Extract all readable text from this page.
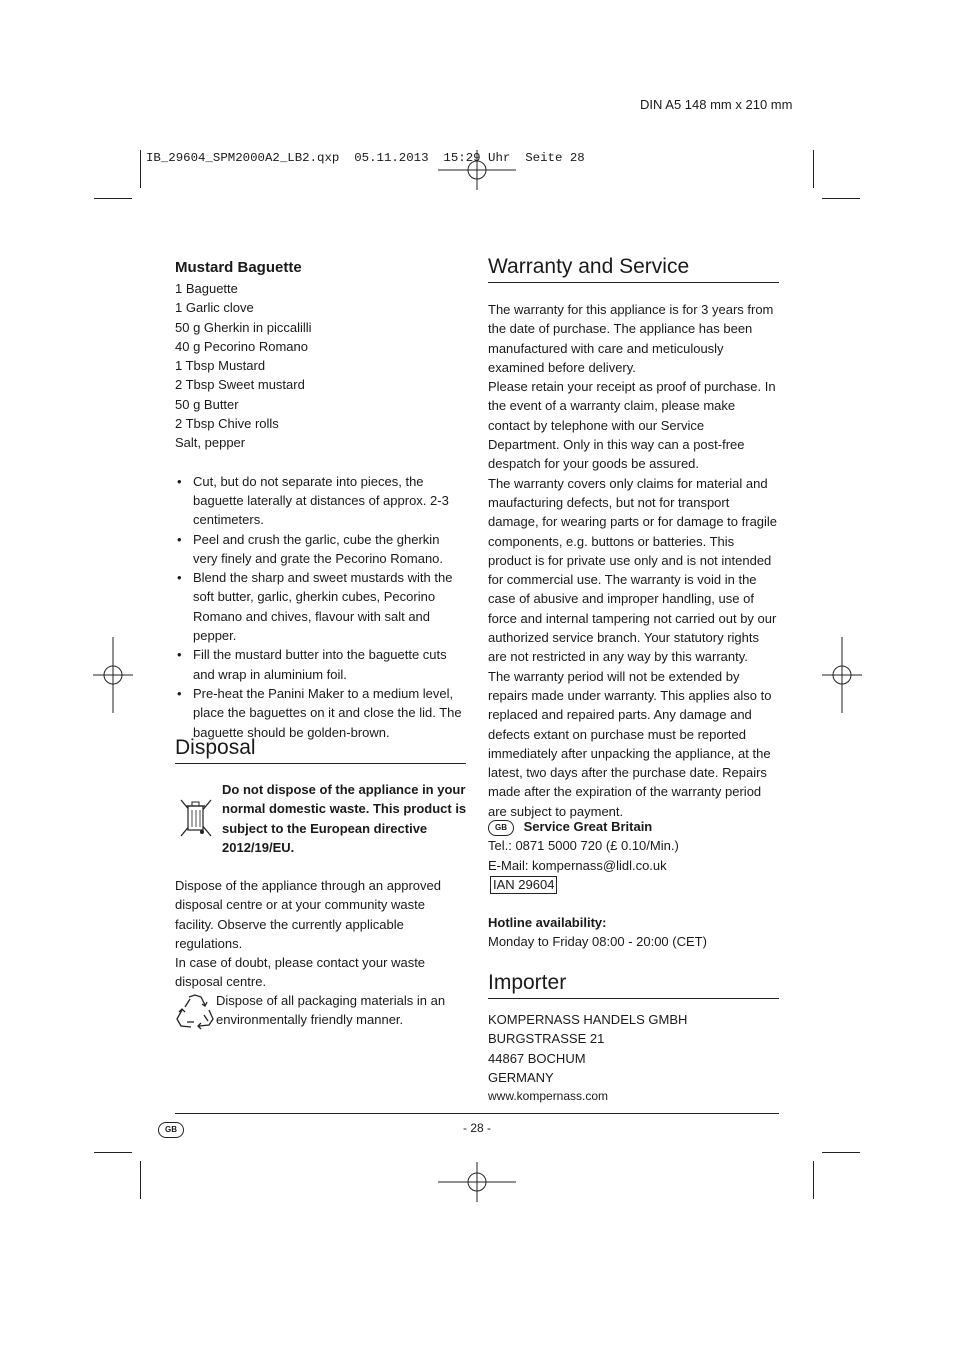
DIN A5 148 mm x 210 mm
IB_29604_SPM2000A2_LB2.qxp  05.11.2013  15:29 Uhr  Seite 28
Mustard Baguette

1 Baguette

1 Garlic clove

50 g Gherkin in piccalilli

40 g Pecorino Romano

1 Tbsp Mustard

2 Tbsp Sweet mustard

50 g Butter

2 Tbsp Chive rolls

Salt, pepper

• Cut, but do not separate into pieces, the baguette laterally at distances of approx. 2-3 centimeters.
• Peel and crush the garlic, cube the gherkin very finely and grate the Pecorino Romano.
• Blend the sharp and sweet mustards with the soft butter, garlic, gherkin cubes, Pecorino Romano and chives, flavour with salt and pepper.
• Fill the mustard butter into the baguette cuts and wrap in aluminium foil.
• Pre-heat the Panini Maker to a medium level, place the baguettes on it and close the lid. The baguette should be golden-brown.
Disposal
Do not dispose of the appliance in your normal domestic waste. This product is subject to the European directive 2012/19/EU.

Dispose of the appliance through an approved disposal centre or at your community waste facility. Observe the currently applicable regulations.

In case of doubt, please contact your waste disposal centre.

Dispose of all packaging materials in an environmentally friendly manner.
Warranty and Service

The warranty for this appliance is for 3 years from the date of purchase. The appliance has been manufactured with care and meticulously examined before delivery.

Please retain your receipt as proof of purchase. In the event of a warranty claim, please make contact by telephone with our Service Department. Only in this way can a post-free despatch for your goods be assured.

The warranty covers only claims for material and maufacturing defects, but not for transport damage, for wearing parts or for damage to fragile components, e.g. buttons or batteries. This product is for private use only and is not intended for commercial use. The warranty is void in the case of abusive and improper handling, use of force and internal tampering not carried out by our authorized service branch. Your statutory rights are not restricted in any way by this warranty.

The warranty period will not be extended by repairs made under warranty. This applies also to replaced and repaired parts. Any damage and defects extant on purchase must be reported immediately after unpacking the appliance, at the latest, two days after the purchase date. Repairs made after the expiration of the warranty period are subject to payment.

GB Service Great Britain
Tel.: 0871 5000 720 (£ 0.10/Min.)
E-Mail: kompernass@lidl.co.uk
IAN 29604
Hotline availability:
Monday to Friday 08:00 - 20:00 (CET)
Importer
KOMPERNASS HANDELS GMBH
BURGSTRASSE 21
44867 BOCHUM
GERMANY
www.kompernass.com
GB	- 28 -
